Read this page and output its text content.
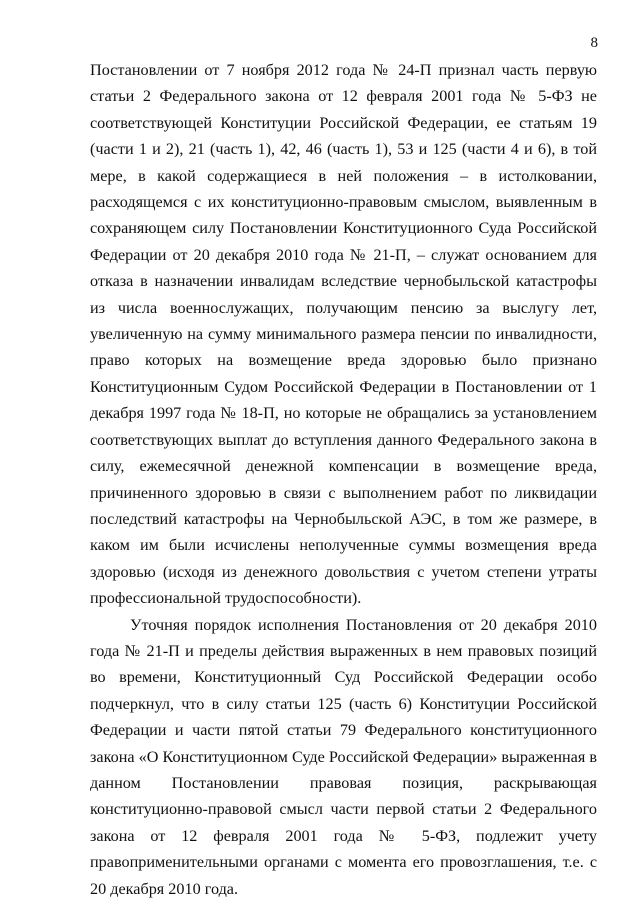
8

Постановлении от 7 ноября 2012 года № 24-П признал часть первую статьи 2 Федерального закона от 12 февраля 2001 года № 5-ФЗ не соответствующей Конституции Российской Федерации, ее статьям 19 (части 1 и 2), 21 (часть 1), 42, 46 (часть 1), 53 и 125 (части 4 и 6), в той мере, в какой содержащиеся в ней положения – в истолковании, расходящемся с их конституционно-правовым смыслом, выявленным в сохраняющем силу Постановлении Конституционного Суда Российской Федерации от 20 декабря 2010 года № 21-П, – служат основанием для отказа в назначении инвалидам вследствие чернобыльской катастрофы из числа военнослужащих, получающим пенсию за выслугу лет, увеличенную на сумму минимального размера пенсии по инвалидности, право которых на возмещение вреда здоровью было признано Конституционным Судом Российской Федерации в Постановлении от 1 декабря 1997 года № 18-П, но которые не обращались за установлением соответствующих выплат до вступления данного Федерального закона в силу, ежемесячной денежной компенсации в возмещение вреда, причиненного здоровью в связи с выполнением работ по ликвидации последствий катастрофы на Чернобыльской АЭС, в том же размере, в каком им были исчислены неполученные суммы возмещения вреда здоровью (исходя из денежного довольствия с учетом степени утраты профессиональной трудоспособности).

Уточняя порядок исполнения Постановления от 20 декабря 2010 года № 21-П и пределы действия выраженных в нем правовых позиций во времени, Конституционный Суд Российской Федерации особо подчеркнул, что в силу статьи 125 (часть 6) Конституции Российской Федерации и части пятой статьи 79 Федерального конституционного закона «О Конституционном Суде Российской Федерации» выраженная в данном Постановлении правовая позиция, раскрывающая конституционно-правовой смысл части первой статьи 2 Федерального закона от 12 февраля 2001 года № 5-ФЗ, подлежит учету правоприменительными органами с момента его провозглашения, т.е. с 20 декабря 2010 года.
